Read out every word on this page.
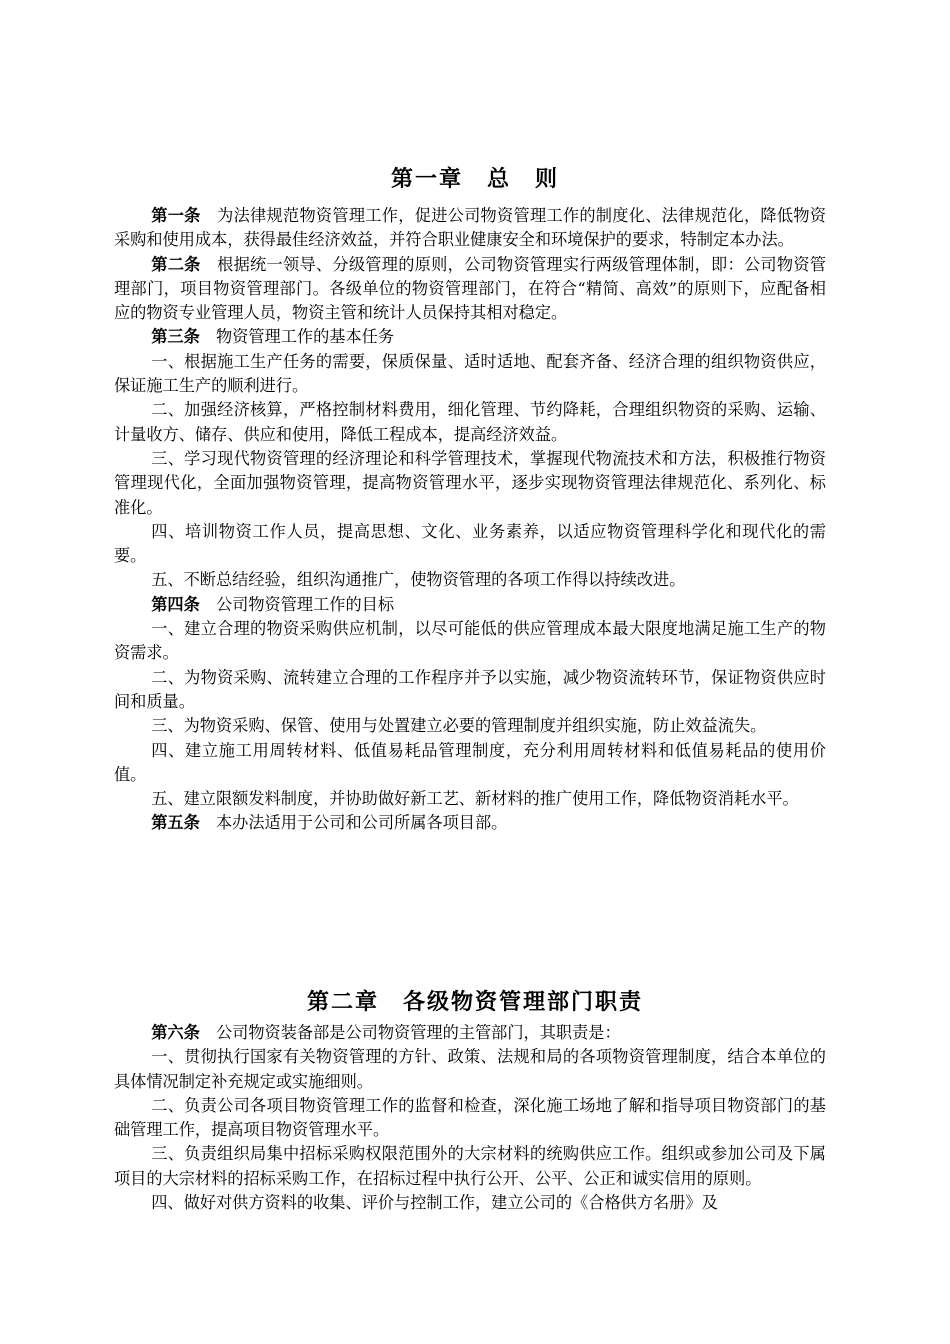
第一章　总　则

第一条　 为法律规范物资管理工作，促进公司物资管理工作的制度化、法律规范化，降低物资采购和使用成本，获得最佳经济效益，并符合职业健康安全和环境保护的要求，特制定本办法。

第二条　 根据统一领导、分级管理的原则，公司物资管理实行两级管理体制，即：公司物资管理部门，项目物资管理部门。各级单位的物资管理部门，在符合“精简、高效”的原则下，应配备相应的物资专业管理人员，物资主管和统计人员保持其相对稳定。

第三条　 物资管理工作的基本任务

一、根据施工生产任务的需要，保质保量、适时适地、配套齐备、经济合理的组织物资供应，保证施工生产的顺利进行。

二、加强经济核算，严格控制材料费用，细化管理、节约降耗，合理组织物资的采购、运输、计量收方、储存、供应和使用，降低工程成本，提高经济效益。

三、学习现代物资管理的经济理论和科学管理技术，掌握现代物流技术和方法，积极推行物资管理现代化，全面加强物资管理，提高物资管理水平，逐步实现物资管理法律规范化、系列化、标准化。

四、培训物资工作人员，提高思想、文化、业务素养，以适应物资管理科学化和现代化的需要。

五、不断总结经验，组织沟通推广，使物资管理的各项工作得以持续改进。

第四条　 公司物资管理工作的目标

一、建立合理的物资采购供应机制，以尽可能低的供应管理成本最大限度地满足施工生产的物资需求。

二、为物资采购、流转建立合理的工作程序并予以实施，减少物资流转环节，保证物资供应时间和质量。

三、为物资采购、保管、使用与处置建立必要的管理制度并组织实施，防止效益流失。

四、建立施工用周转材料、低值易耗品管理制度，充分利用周转材料和低值易耗品的使用价值。

五、建立限额发料制度，并协助做好新工艺、新材料的推广使用工作，降低物资消耗水平。

第五条　 本办法适用于公司和公司所属各项目部。

第二章　各级物资管理部门职责

第六条　 公司物资装备部是公司物资管理的主管部门，其职责是：

一、贯彻执行国家有关物资管理的方针、政策、法规和局的各项物资管理制度，结合本单位的具体情况制定补充规定或实施细则。

二、负责公司各项目物资管理工作的监督和检查，深化施工场地了解和指导项目物资部门的基础管理工作，提高项目物资管理水平。

三、负责组织局集中招标采购权限范围外的大宗材料的统购供应工作。组织或参加公司及下属项目的大宗材料的招标采购工作，在招标过程中执行公开、公平、公正和诚实信用的原则。

四、做好对供方资料的收集、评价与控制工作，建立公司的《合格供方名册》及
